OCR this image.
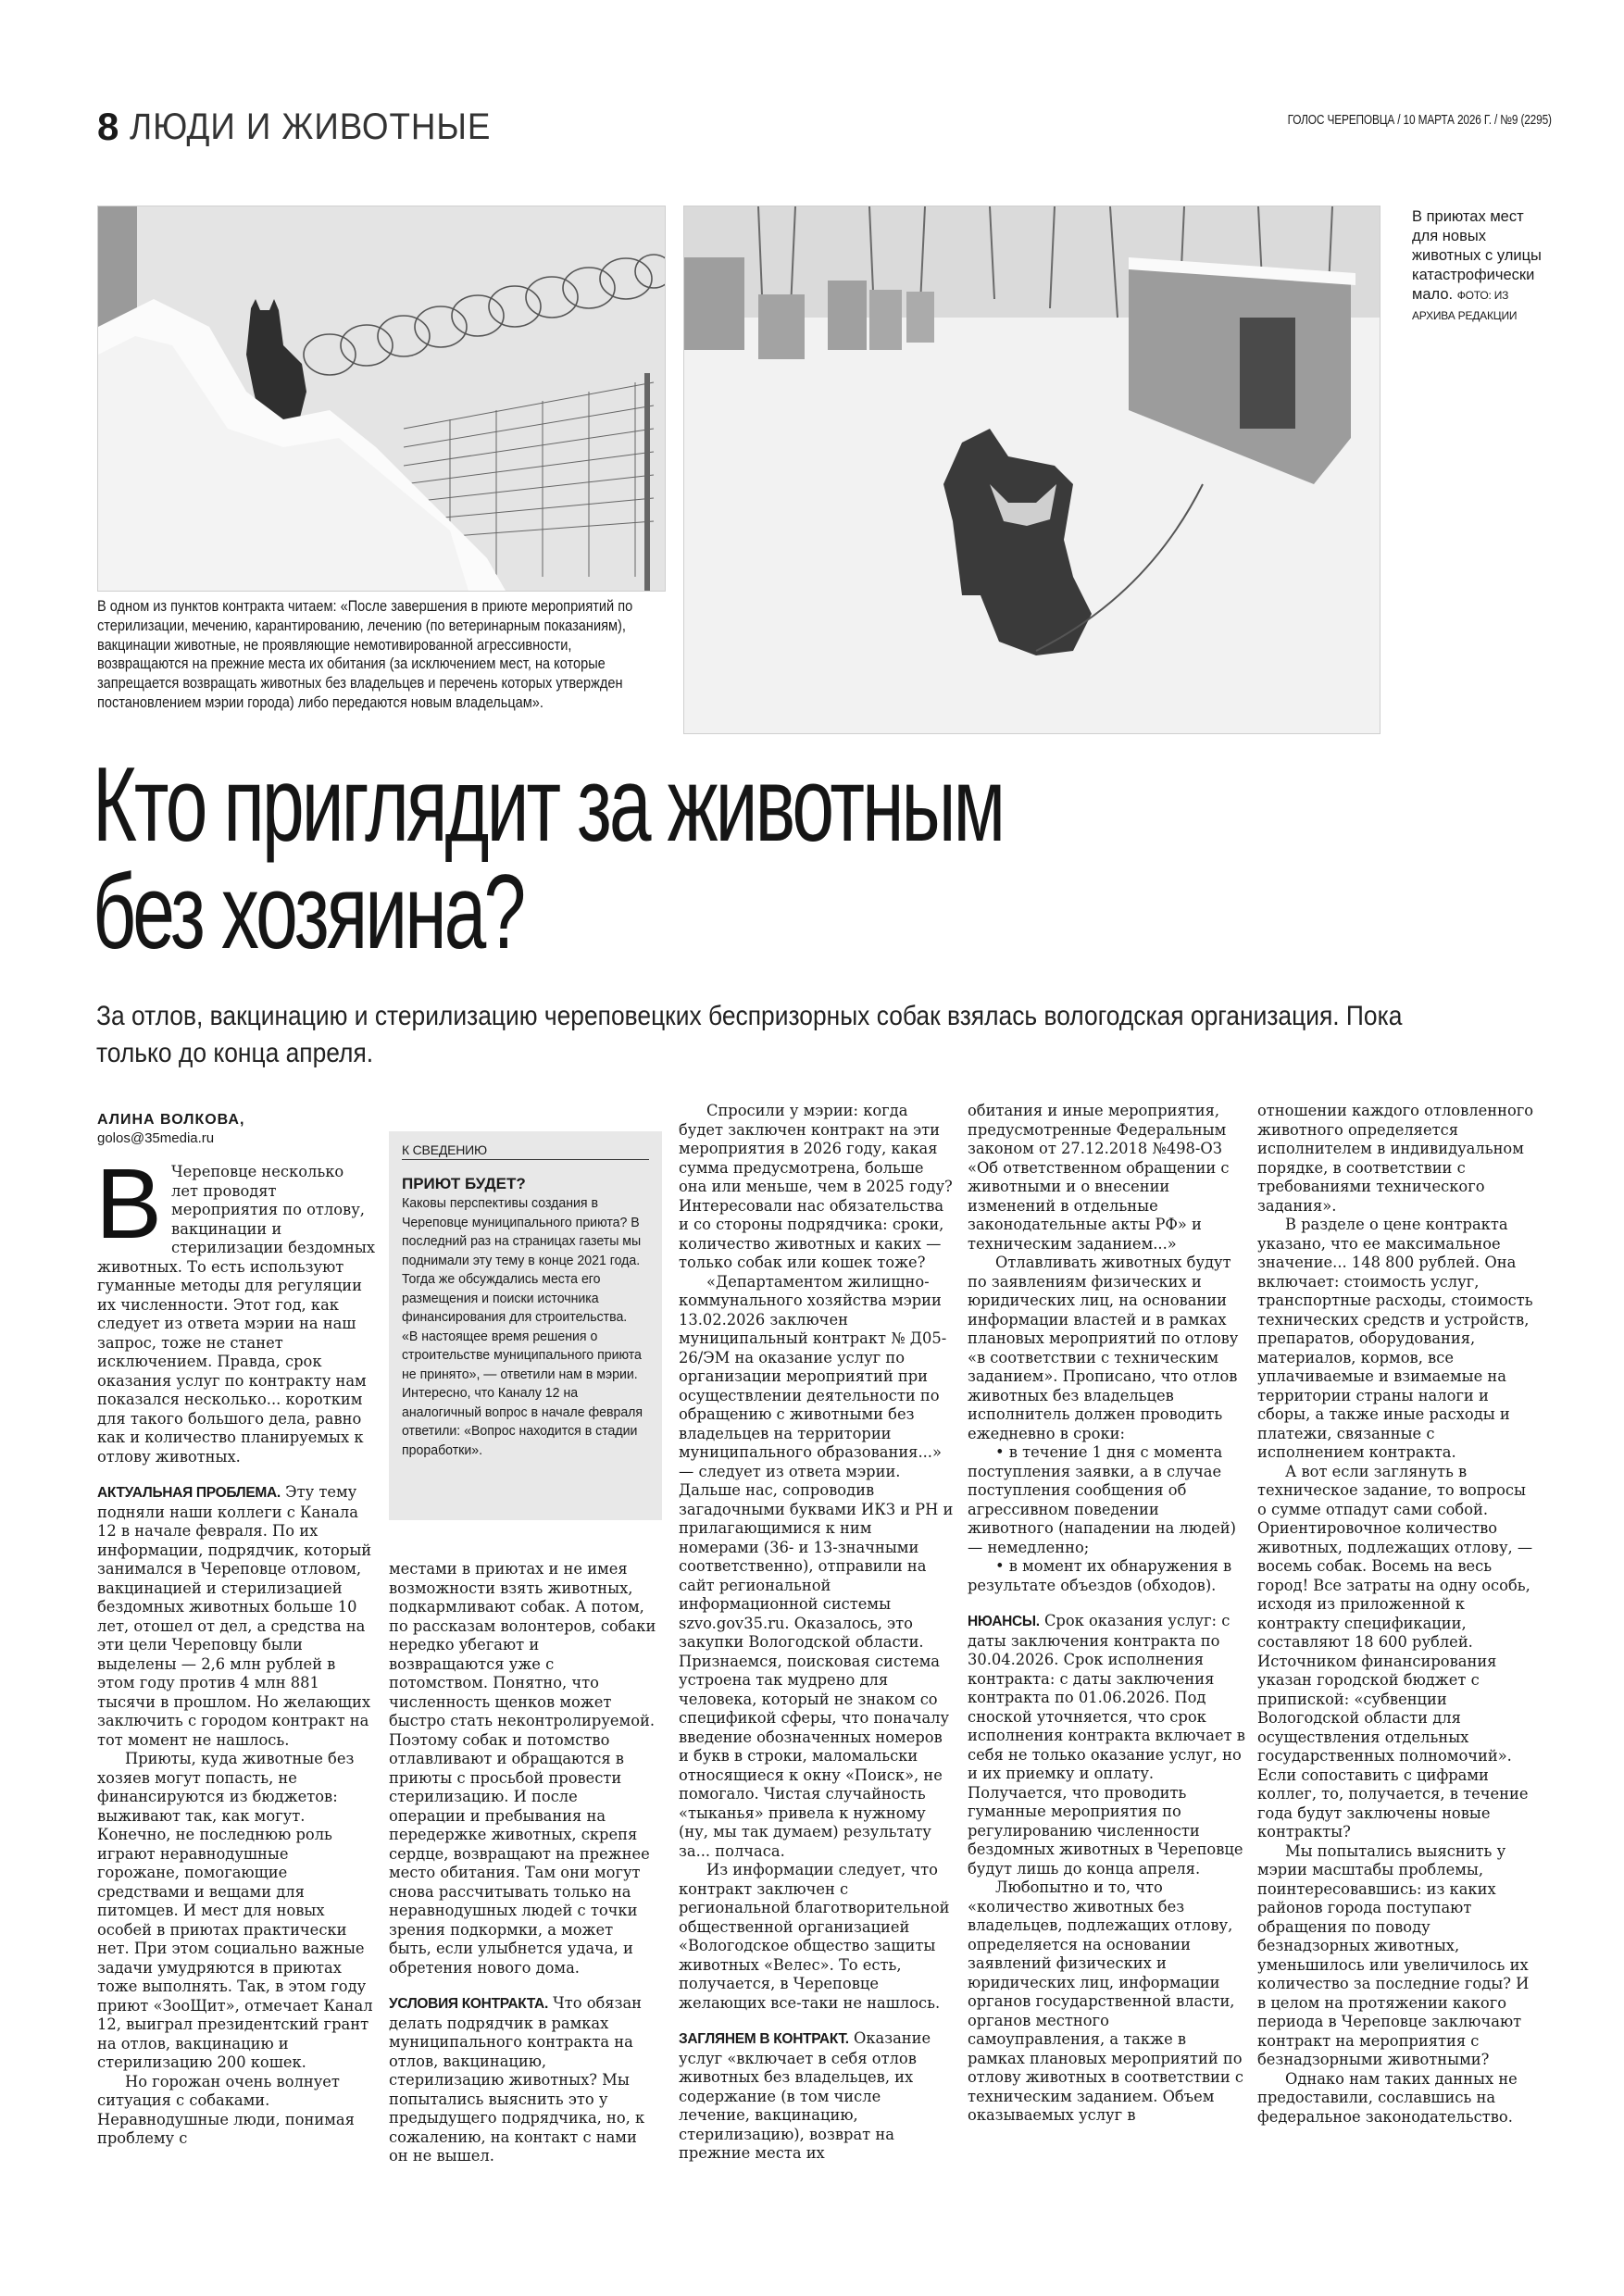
8 ЛЮДИ И ЖИВОТНЫЕ	ГОЛОС ЧЕРЕПОВЦА / 10 МАРТА 2026 Г. / №9 (2295)
В одном из пунктов контракта читаем: «После завершения в приюте мероприятий по стерилизации, мечению, карантированию, лечению (по ветеринарным показаниям), вакцинации животные, не проявляющие немотивированной агрессивности, возвращаются на прежние места их обитания (за исключением мест, на которые запрещается возвращать животных без владельцев и перечень которых утвержден постановлением мэрии города) либо передаются новым владельцам».
В приютах мест для новых животных с улицы катастрофически мало. ФОТО: ИЗ АРХИВА РЕДАКЦИИ
Кто приглядит за животным
без хозяина?
За отлов, вакцинацию и стерилизацию череповецких беспризорных собак взялась вологодская организация. Пока только до конца апреля.
АЛИНА ВОЛКОВА,
golos@35media.ru
В Череповце несколько лет проводят мероприятия по отлову, вакцинации и стерилизации бездомных животных. То есть используют гуманные методы для регуляции их численности. Этот год, как следует из ответа мэрии на наш запрос, тоже не станет исключением. Правда, срок оказания услуг по контракту нам показался несколько... коротким для такого большого дела, равно как и количество планируемых к отлову животных.

АКТУАЛЬНАЯ ПРОБЛЕМА. Эту тему подняли наши коллеги с Канала 12 в начале февраля. По их информации, подрядчик, который занимался в Череповце отловом, вакцинацией и стерилизацией бездомных животных больше 10 лет, отошел от дел, а средства на эти цели Череповцу были выделены — 2,6 млн рублей в этом году против 4 млн 881 тысячи в прошлом. Но желающих заключить с городом контракт на тот момент не нашлось.

Приюты, куда животные без хозяев могут попасть, не финансируются из бюджетов: выживают так, как могут. Конечно, не последнюю роль играют неравнодушные горожане, помогающие средствами и вещами для питомцев. И мест для новых особей в приютах практически нет. При этом социально важные задачи умудряются в приютах тоже выполнять. Так, в этом году приют «ЗооЩит», отмечает Канал 12, выиграл президентский грант на отлов, вакцинацию и стерилизацию 200 кошек.

Но горожан очень волнует ситуация с собаками. Неравнодушные люди, понимая проблему с

К СВЕДЕНИЮ
ПРИЮТ БУДЕТ?

Каковы перспективы создания в Череповце муниципального приюта? В последний раз на страницах газеты мы поднимали эту тему в конце 2021 года. Тогда же обсуждались места его размещения и поиски источника финансирования для строительства.

«В настоящее время решения о строительстве муниципального приюта не принято», — ответили нам в мэрии. Интересно, что Каналу 12 на аналогичный вопрос в начале февраля ответили: «Вопрос находится в стадии проработки».

местами в приютах и не имея возможности взять животных, подкармливают собак. А потом, по рассказам волонтеров, собаки нередко убегают и возвращаются уже с потомством. Понятно, что численность щенков может быстро стать неконтролируемой. Поэтому собак и потомство отлавливают и обращаются в приюты с просьбой провести стерилизацию. И после операции и пребывания на передержке животных, скрепя сердце, возвращают на прежнее место обитания. Там они могут снова рассчитывать только на неравнодушных людей с точки зрения подкормки, а может быть, если улыбнется удача, и обретения нового дома.

УСЛОВИЯ КОНТРАКТА. Что обязан делать подрядчик в рамках муниципального контракта на отлов, вакцинацию, стерилизацию животных? Мы попытались выяснить это у предыдущего подрядчика, но, к сожалению, на контакт с нами он не вышел.

Спросили у мэрии: когда будет заключен контракт на эти мероприятия в 2026 году, какая сумма предусмотрена, больше она или меньше, чем в 2025 году? Интересовали нас обязательства и со стороны подрядчика: сроки, количество животных и каких — только собак или кошек тоже?

«Департаментом жилищно-коммунального хозяйства мэрии 13.02.2026 заключен муниципальный контракт № Д05-26/ЭМ на оказание услуг по организации мероприятий при осуществлении деятельности по обращению с животными без владельцев на территории муниципального образования...» — следует из ответа мэрии. Дальше нас, сопроводив загадочными буквами ИКЗ и РН и прилагающимися к ним номерами (36- и 13-значными соответственно), отправили на сайт региональной информационной системы szvo.gov35.ru. Оказалось, это закупки Вологодской области. Признаемся, поисковая система устроена так мудрено для человека, который не знаком со спецификой сферы, что поначалу введение обозначенных номеров и букв в строки, маломальски относящиеся к окну «Поиск», не помогало. Чистая случайность «тыканья» привела к нужному (ну, мы так думаем) результату за... полчаса.

Из информации следует, что контракт заключен с региональной благотворительной общественной организацией «Вологодское общество защиты животных «Велес». То есть, получается, в Череповце желающих все-таки не нашлось.

ЗАГЛЯНЕМ В КОНТРАКТ. Оказание услуг «включает в себя отлов животных без владельцев, их содержание (в том числе лечение, вакцинацию, стерилизацию), возврат на прежние места их

обитания и иные мероприятия, предусмотренные Федеральным законом от 27.12.2018 №498-ОЗ «Об ответственном обращении с животными и о внесении изменений в отдельные законодательные акты РФ» и техническим заданием...»

Отлавливать животных будут по заявлениям физических и юридических лиц, на основании информации властей и в рамках плановых мероприятий по отлову «в соответствии с техническим заданием». Прописано, что отлов животных без владельцев исполнитель должен проводить ежедневно в сроки:

• в течение 1 дня с момента поступления заявки, а в случае поступления сообщения об агрессивном поведении животного (нападении на людей) — немедленно;

• в момент их обнаружения в результате объездов (обходов).

НЮАНСЫ. Срок оказания услуг: с даты заключения контракта по 30.04.2026. Срок исполнения контракта: с даты заключения контракта по 01.06.2026. Под сноской уточняется, что срок исполнения контракта включает в себя не только оказание услуг, но и их приемку и оплату. Получается, что проводить гуманные мероприятия по регулированию численности бездомных животных в Череповце будут лишь до конца апреля.

Любопытно и то, что «количество животных без владельцев, подлежащих отлову, определяется на основании заявлений физических и юридических лиц, информации органов государственной власти, органов местного самоуправления, а также в рамках плановых мероприятий по отлову животных в соответствии с техническим заданием. Объем оказываемых услуг в

отношении каждого отловленного животного определяется исполнителем в индивидуальном порядке, в соответствии с требованиями технического задания».

В разделе о цене контракта указано, что ее максимальное значение... 148 800 рублей. Она включает: стоимость услуг, транспортные расходы, стоимость технических средств и устройств, препаратов, оборудования, материалов, кормов, все уплачиваемые и взимаемые на территории страны налоги и сборы, а также иные расходы и платежи, связанные с исполнением контракта.

А вот если заглянуть в техническое задание, то вопросы о сумме отпадут сами собой. Ориентировочное количество животных, подлежащих отлову, — восемь собак. Восемь на весь город! Все затраты на одну особь, исходя из приложенной к контракту спецификации, составляют 18 600 рублей. Источником финансирования указан городской бюджет с припиской: «субвенции Вологодской области для осуществления отдельных государственных полномочий». Если сопоставить с цифрами коллег, то, получается, в течение года будут заключены новые контракты?

Мы попытались выяснить у мэрии масштабы проблемы, поинтересовавшись: из каких районов города поступают обращения по поводу безнадзорных животных, уменьшилось или увеличилось их количество за последние годы? И в целом на протяжении какого периода в Череповце заключают контракт на мероприятия с безнадзорными животными?

Однако нам таких данных не предоставили, сославшись на федеральное законодательство.
